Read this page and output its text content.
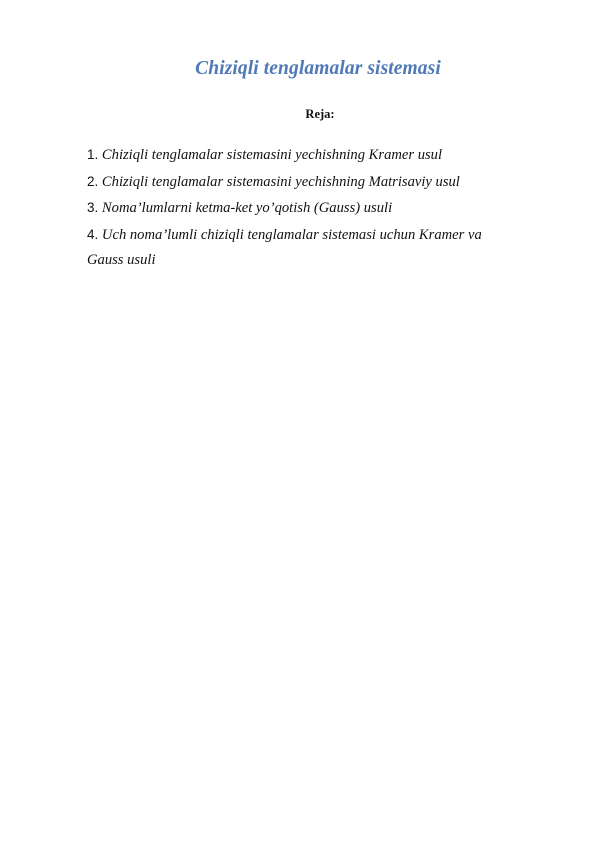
Chiziqli tenglamalar sistemasi
Reja:
1. Chiziqli tenglamalar sistemasini yechishning Kramer usul
2. Chiziqli tenglamalar sistemasini yechishning Matrisaviy usul
3. Noma’lumlarni ketma-ket yo’qotish (Gauss) usuli
4. Uch noma’lumli chiziqli tenglamalar sistemasi uchun Kramer va Gauss usuli
